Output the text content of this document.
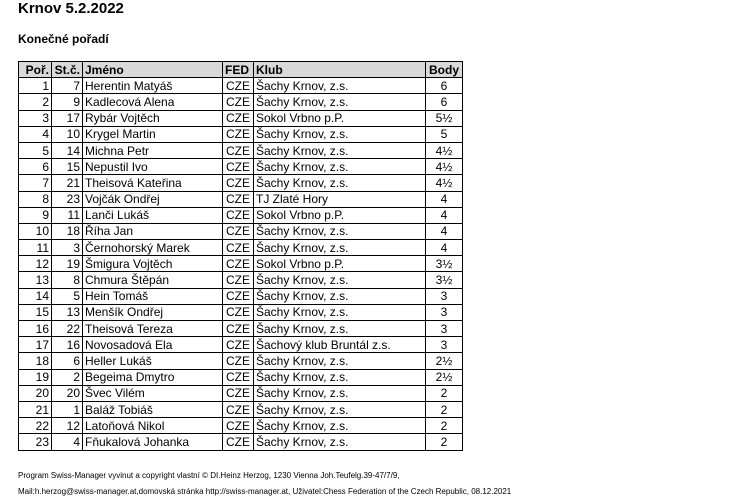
Krnov 5.2.2022
Konečné pořadí
Poř.	St.č.	Jméno	FED	Klub	Body
1	7	Herentin Matyáš	CZE	Šachy Krnov, z.s.	6
2	9	Kadlecová Alena	CZE	Šachy Krnov, z.s.	6
3	17	Rybár Vojtěch	CZE	Sokol Vrbno p.P.	5½
4	10	Krygel Martin	CZE	Šachy Krnov, z.s.	5
5	14	Michna Petr	CZE	Šachy Krnov, z.s.	4½
6	15	Nepustil Ivo	CZE	Šachy Krnov, z.s.	4½
7	21	Theisová Kateřina	CZE	Šachy Krnov, z.s.	4½
8	23	Vojčák Ondřej	CZE	TJ Zlaté Hory	4
9	11	Lanči Lukáš	CZE	Sokol Vrbno p.P.	4
10	18	Říha Jan	CZE	Šachy Krnov, z.s.	4
11	3	Černohorský Marek	CZE	Šachy Krnov, z.s.	4
12	19	Šmigura Vojtěch	CZE	Sokol Vrbno p.P.	3½
13	8	Chmura Štěpán	CZE	Šachy Krnov, z.s.	3½
14	5	Hein Tomáš	CZE	Šachy Krnov, z.s.	3
15	13	Menšík Ondřej	CZE	Šachy Krnov, z.s.	3
16	22	Theisová Tereza	CZE	Šachy Krnov, z.s.	3
17	16	Novosadová Ela	CZE	Šachový klub Bruntál z.s.	3
18	6	Heller Lukáš	CZE	Šachy Krnov, z.s.	2½
19	2	Begeima Dmytro	CZE	Šachy Krnov, z.s.	2½
20	20	Švec Vilém	CZE	Šachy Krnov, z.s.	2
21	1	Baláž Tobiáš	CZE	Šachy Krnov, z.s.	2
22	12	Latoňová Nikol	CZE	Šachy Krnov, z.s.	2
23	4	Fňukalová Johanka	CZE	Šachy Krnov, z.s.	2
Program Swiss-Manager vyvinut a copyright vlastní © DI.Heinz Herzog, 1230 Vienna Joh.Teufelg.39-47/7/9,
Mail:h.herzog@swiss-manager.at,domovská stránka http://swiss-manager.at, Uživatel:Chess Federation of the Czech Republic, 08.12.2021
